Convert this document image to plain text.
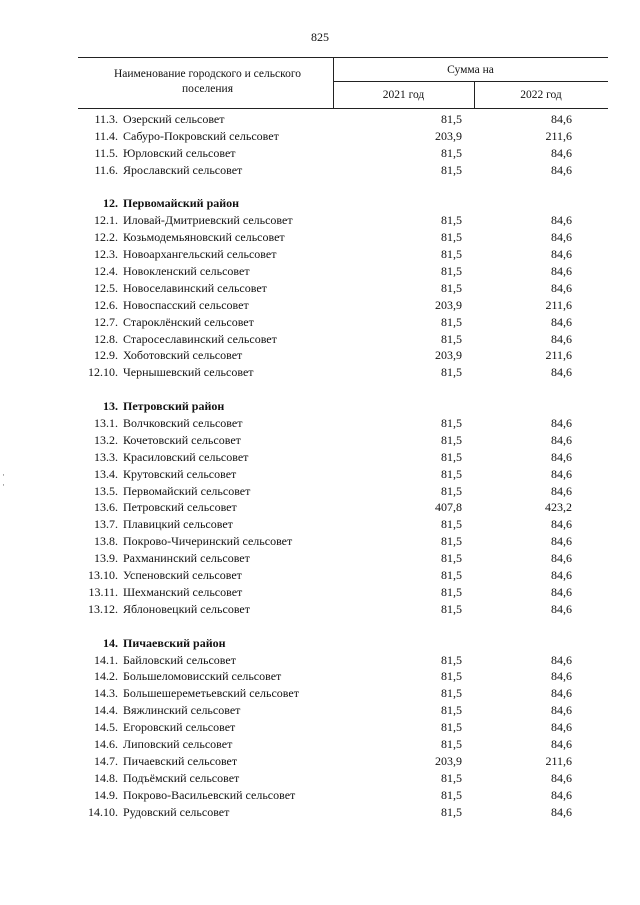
825
Наименование городского и сельского поселения
Сумма на
2021 год	2022 год
11.3. Озерский сельсовет	81,5	84,6
11.4. Сабуро-Покровский сельсовет	203,9	211,6
11.5. Юрловский сельсовет	81,5	84,6
11.6. Ярославский сельсовет	81,5	84,6
12. Первомайский район
12.1. Иловай-Дмитриевский сельсовет	81,5	84,6
12.2. Козьмодемьяновский сельсовет	81,5	84,6
12.3. Новоархангельский сельсовет	81,5	84,6
12.4. Новокленский сельсовет	81,5	84,6
12.5. Новоселавинский сельсовет	81,5	84,6
12.6. Новоспасский сельсовет	203,9	211,6
12.7. Староклёнский сельсовет	81,5	84,6
12.8. Старосеславинский сельсовет	81,5	84,6
12.9. Хоботовский сельсовет	203,9	211,6
12.10. Чернышевский сельсовет	81,5	84,6
13. Петровский район
13.1. Волчковский сельсовет	81,5	84,6
13.2. Кочетовский сельсовет	81,5	84,6
13.3. Красиловский сельсовет	81,5	84,6
13.4. Крутовский сельсовет	81,5	84,6
13.5. Первомайский сельсовет	81,5	84,6
13.6. Петровский сельсовет	407,8	423,2
13.7. Плавицкий сельсовет	81,5	84,6
13.8. Покрово-Чичеринский сельсовет	81,5	84,6
13.9. Рахманинский сельсовет	81,5	84,6
13.10. Успеновский сельсовет	81,5	84,6
13.11. Шехманский сельсовет	81,5	84,6
13.12. Яблоновецкий сельсовет	81,5	84,6
14. Пичаевский район
14.1. Байловский сельсовет	81,5	84,6
14.2. Большеломовисский сельсовет	81,5	84,6
14.3. Большешереметьевский сельсовет	81,5	84,6
14.4. Вяжлинский сельсовет	81,5	84,6
14.5. Егоровский сельсовет	81,5	84,6
14.6. Липовский сельсовет	81,5	84,6
14.7. Пичаевский сельсовет	203,9	211,6
14.8. Подъёмский сельсовет	81,5	84,6
14.9. Покрово-Васильевский сельсовет	81,5	84,6
14.10. Рудовский сельсовет	81,5	84,6
·
·
